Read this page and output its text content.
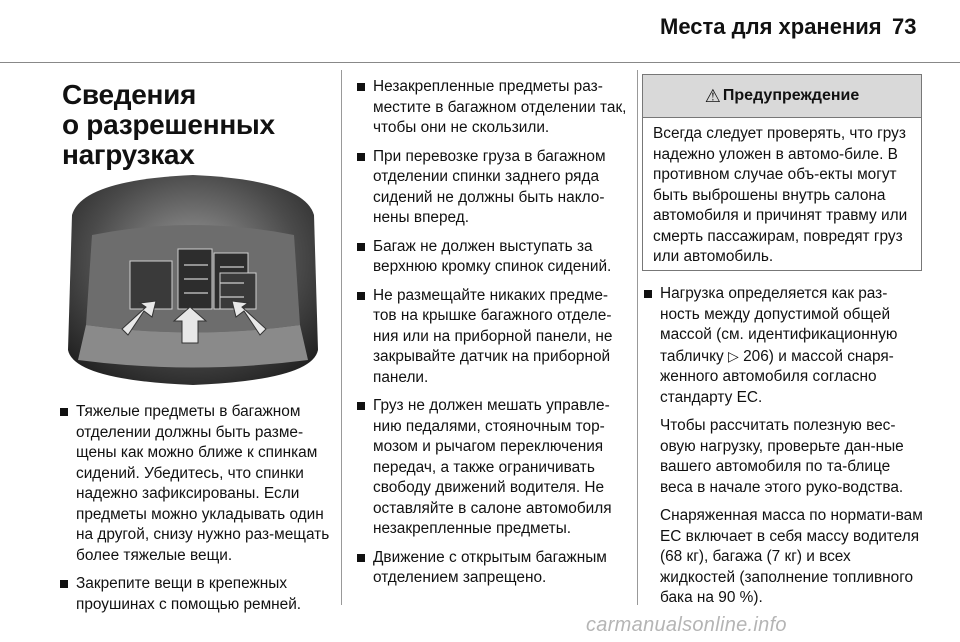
Места для хранения 73
Сведения
о разрешенных
нагрузках
Тяжелые предметы в багажном отделении должны быть разме-щены как можно ближе к спинкам сидений. Убедитесь, что спинки надежно зафиксированы. Если предметы можно укладывать один на другой, снизу нужно раз-мещать более тяжелые вещи.
Закрепите вещи в крепежных проушинах с помощью ремней.
Незакрепленные предметы раз-местите в багажном отделении так, чтобы они не скользили.
При перевозке груза в багажном отделении спинки заднего ряда сидений не должны быть накло-нены вперед.
Багаж не должен выступать за верхнюю кромку спинок сидений.
Не размещайте никаких предме-тов на крышке багажного отделе-ния или на приборной панели, не закрывайте датчик на приборной панели.
Груз не должен мешать управле-нию педалями, стояночным тор-мозом и рычагом переключения передач, а также ограничивать свободу движений водителя. Не оставляйте в салоне автомобиля незакрепленные предметы.
Движение с открытым багажным отделением запрещено.
⚠ Предупреждение
Всегда следует проверять, что груз надежно уложен в автомо-биле. В противном случае объ-екты могут быть выброшены внутрь салона автомобиля и причинят травму или смерть пассажирам, повредят груз или автомобиль.
Нагрузка определяется как раз-ность между допустимой общей массой (см. идентификационную табличку ▷ 206) и массой снаря-женного автомобиля согласно стандарту ЕС.

Чтобы рассчитать полезную вес-овую нагрузку, проверьте дан-ные вашего автомобиля по та-блице веса в начале этого руко-водства.

Снаряженная масса по нормати-вам ЕС включает в себя массу водителя (68 кг), багажа (7 кг) и всех жидкостей (заполнение топливного бака на 90 %).

carmanualsonline.info
